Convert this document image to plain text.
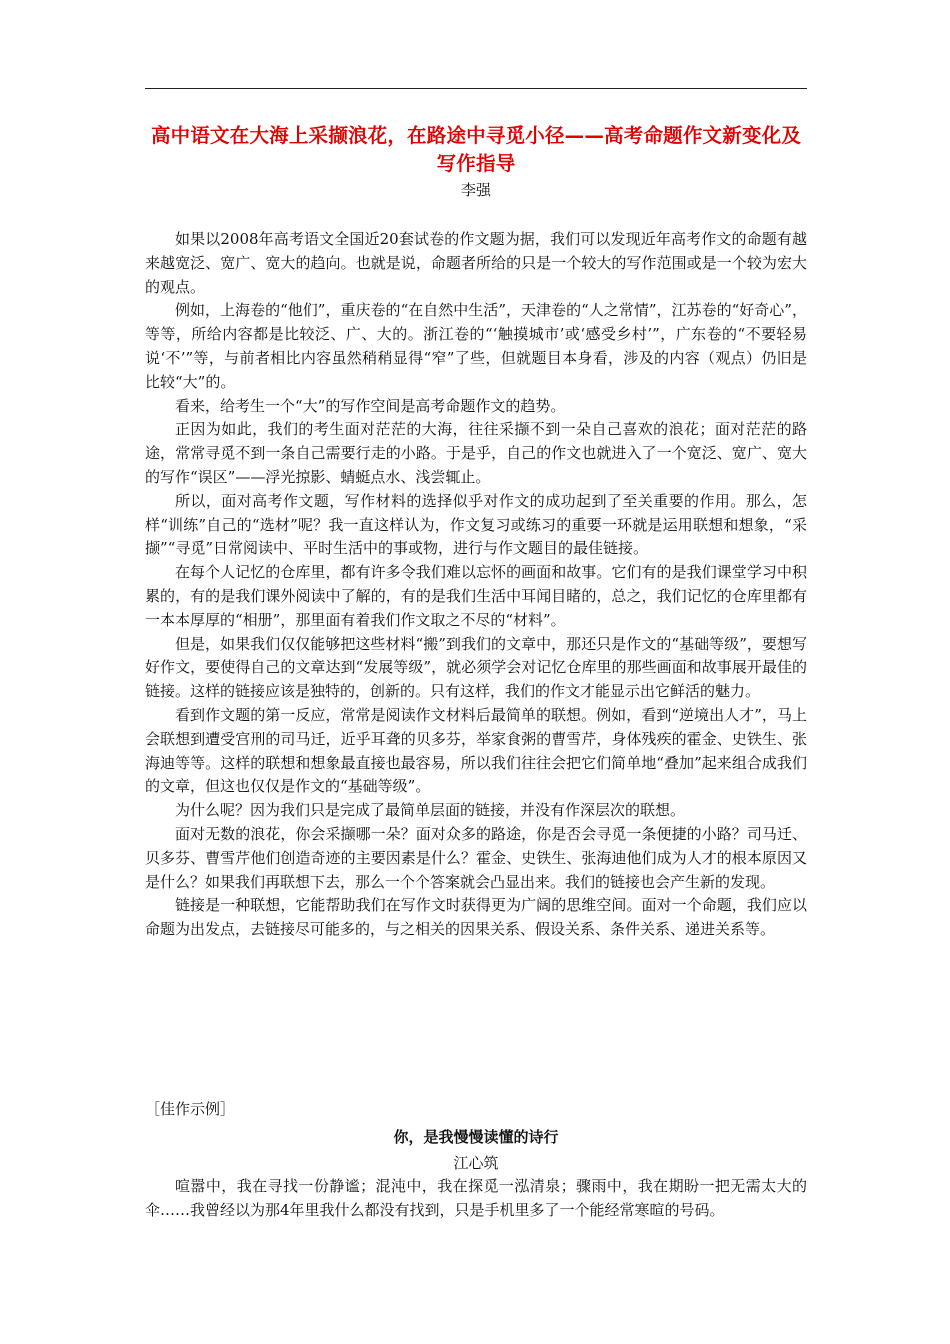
高中语文在大海上采撷浪花，在路途中寻觅小径——高考命题作文新变化及写作指导
李强

如果以2008年高考语文全国近20套试卷的作文题为据，我们可以发现近年高考作文的命题有越来越宽泛、宽广、宽大的趋向。也就是说，命题者所给的只是一个较大的写作范围或是一个较为宏大的观点。

例如，上海卷的“他们”，重庆卷的“在自然中生活”，天津卷的“人之常情”，江苏卷的“好奇心”，等等，所给内容都是比较泛、广、大的。浙江卷的“‘触摸城市’或‘感受乡村’”，广东卷的“不要轻易说‘不’”等，与前者相比内容虽然稍稍显得“窄”了些，但就题目本身看，涉及的内容（观点）仍旧是比较“大”的。

看来，给考生一个“大”的写作空间是高考命题作文的趋势。

正因为如此，我们的考生面对茫茫的大海，往往采撷不到一朵自己喜欢的浪花；面对茫茫的路途，常常寻觅不到一条自己需要行走的小路。于是乎，自己的作文也就进入了一个宽泛、宽广、宽大的写作“误区”——浮光掠影、蜻蜓点水、浅尝辄止。

所以，面对高考作文题，写作材料的选择似乎对作文的成功起到了至关重要的作用。那么，怎样“训练”自己的“选材”呢？我一直这样认为，作文复习或练习的重要一环就是运用联想和想象，“采撷”“寻觅”日常阅读中、平时生活中的事或物，进行与作文题目的最佳链接。

在每个人记忆的仓库里，都有许多令我们难以忘怀的画面和故事。它们有的是我们课堂学习中积累的，有的是我们课外阅读中了解的，有的是我们生活中耳闻目睹的，总之，我们记忆的仓库里都有一本本厚厚的“相册”，那里面有着我们作文取之不尽的“材料”。

但是，如果我们仅仅能够把这些材料“搬”到我们的文章中，那还只是作文的“基础等级”，要想写好作文，要使得自己的文章达到“发展等级”，就必须学会对记忆仓库里的那些画面和故事展开最佳的链接。这样的链接应该是独特的，创新的。只有这样，我们的作文才能显示出它鲜活的魅力。

看到作文题的第一反应，常常是阅读作文材料后最简单的联想。例如，看到“逆境出人才”，马上会联想到遭受宫刑的司马迁，近乎耳聋的贝多芬，举家食粥的曹雪芹，身体残疾的霍金、史铁生、张海迪等等。这样的联想和想象最直接也最容易，所以我们往往会把它们简单地“叠加”起来组合成我们的文章，但这也仅仅是作文的“基础等级”。

为什么呢？因为我们只是完成了最简单层面的链接，并没有作深层次的联想。

面对无数的浪花，你会采撷哪一朵？面对众多的路途，你是否会寻觅一条便捷的小路？司马迁、贝多芬、曹雪芹他们创造奇迹的主要因素是什么？霍金、史铁生、张海迪他们成为人才的根本原因又是什么？如果我们再联想下去，那么一个个答案就会凸显出来。我们的链接也会产生新的发现。

链接是一种联想，它能帮助我们在写作文时获得更为广阔的思维空间。面对一个命题，我们应以命题为出发点，去链接尽可能多的，与之相关的因果关系、假设关系、条件关系、递进关系等。

［佳作示例］
你，是我慢慢读懂的诗行
江心筑

喧嚣中，我在寻找一份静谧；混沌中，我在探觅一泓清泉；骤雨中，我在期盼一把无需太大的伞……我曾经以为那4年里我什么都没有找到，只是手机里多了一个能经常寒暄的号码。
